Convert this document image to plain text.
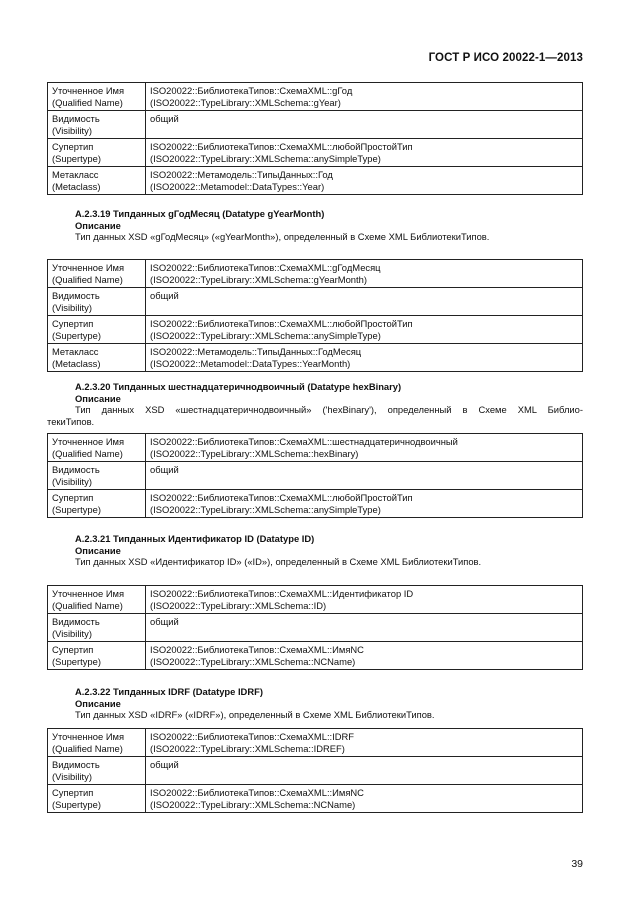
ГОСТ Р ИСО 20022-1—2013
Уточненное Имя
(Qualified Name)	ISO20022::БиблиотекаТипов::СхемаXML::gГод
(ISO20022::TypeLibrary::XMLSchema::gYear)

Видимость
(Visibility)	общий

Супертип
(Supertype)	ISO20022::БиблиотекаТипов::СхемаXML::любойПростойТип
(ISO20022::TypeLibrary::XMLSchema::anySimpleType)

Метакласс
(Metaclass)	ISO20022::Метамодель::ТипыДанных::Год
(ISO20022::Metamodel::DataTypes::Year)
А.2.3.19 Типданных gГодМесяц (Datatype gYearMonth)
Описание
Тип данных XSD «gГодМесяц» («gYearMonth»), определенный в Схеме XML БиблиотекиТипов.
Уточненное Имя
(Qualified Name)	ISO20022::БиблиотекаТипов::СхемаXML::gГодМесяц
(ISO20022::TypeLibrary::XMLSchema::gYearMonth)

Видимость
(Visibility)	общий

Супертип
(Supertype)	ISO20022::БиблиотекаТипов::СхемаXML::любойПростойТип
(ISO20022::TypeLibrary::XMLSchema::anySimpleType)

Метакласс
(Metaclass)	ISO20022::Метамодель::ТипыДанных::ГодМесяц
(ISO20022::Metamodel::DataTypes::YearMonth)
А.2.3.20 Типданных шестнадцатеричнодвоичный (Datatype hexBinary)
Описание
Тип данных XSD «шестнадцатеричнодвоичный» ('hexBinary'), определенный в Схеме XML Библио-
текиТипов.
Уточненное Имя
(Qualified Name)	ISO20022::БиблиотекаТипов::СхемаXML::шестнадцатеричнодвоичный
(ISO20022::TypeLibrary::XMLSchema::hexBinary)

Видимость
(Visibility)	общий

Супертип
(Supertype)	ISO20022::БиблиотекаТипов::СхемаXML::любойПростойТип
(ISO20022::TypeLibrary::XMLSchema::anySimpleType)
А.2.3.21 Типданных Идентификатор ID (Datatype ID)
Описание
Тип данных XSD «Идентификатор ID» («ID»), определенный в Схеме XML БиблиотекиТипов.
Уточненное Имя
(Qualified Name)	ISO20022::БиблиотекаТипов::СхемаXML::Идентификатор ID
(ISO20022::TypeLibrary::XMLSchema::ID)

Видимость
(Visibility)	общий

Супертип
(Supertype)	ISO20022::БиблиотекаТипов::СхемаXML::ИмяNC
(ISO20022::TypeLibrary::XMLSchema::NCName)
А.2.3.22 Типданных IDRF (Datatype IDRF)
Описание
Тип данных XSD «IDRF» («IDRF»), определенный в Схеме XML БиблиотекиТипов.
Уточненное Имя
(Qualified Name)	ISO20022::БиблиотекаТипов::СхемаXML::IDRF
(ISO20022::TypeLibrary::XMLSchema::IDREF)

Видимость
(Visibility)	общий

Супертип
(Supertype)	ISO20022::БиблиотекаТипов::СхемаXML::ИмяNC
(ISO20022::TypeLibrary::XMLSchema::NCName)
39
